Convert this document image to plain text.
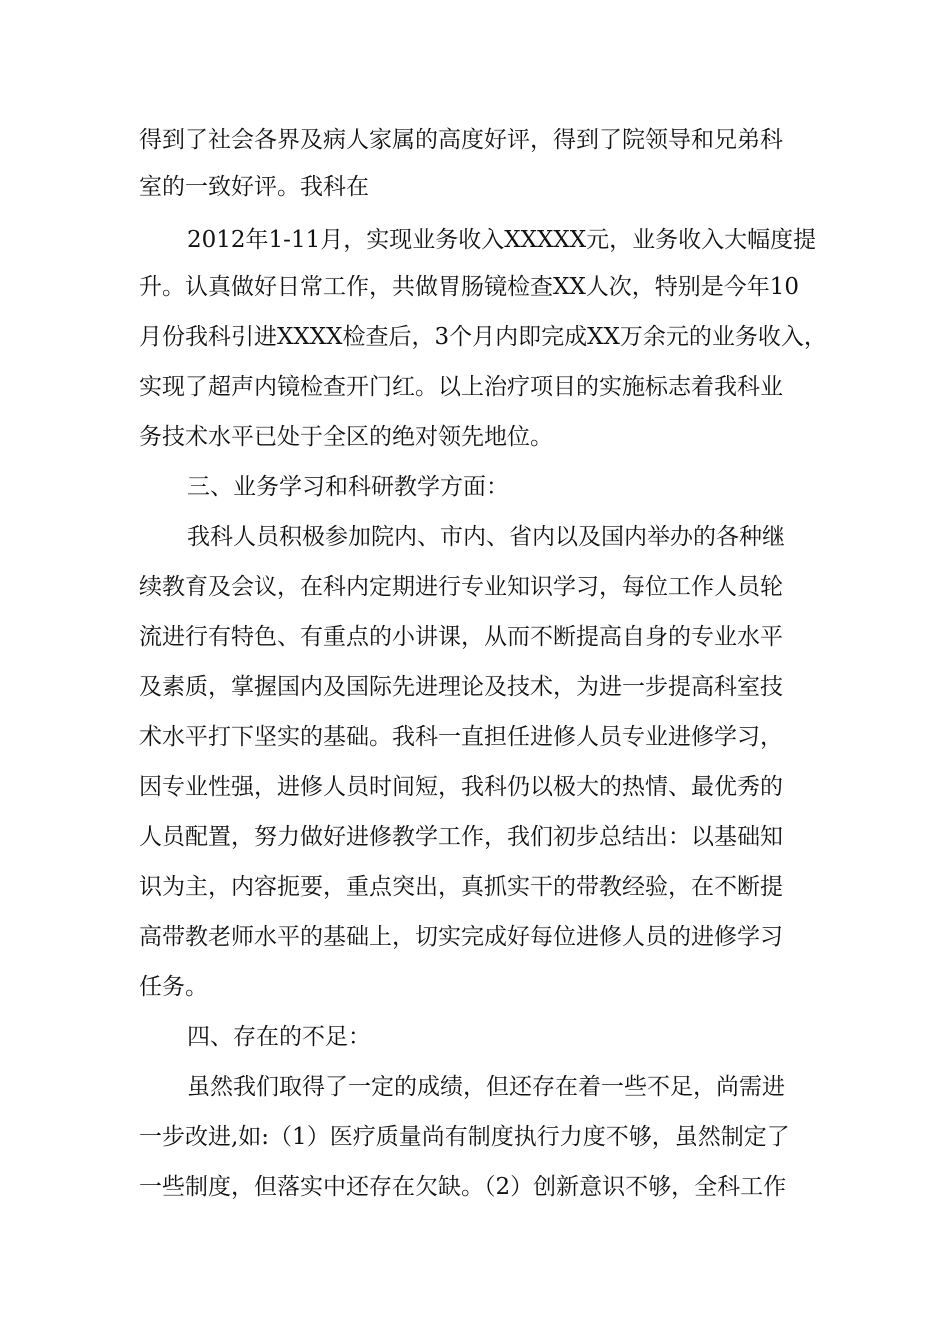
得到了社会各界及病人家属的高度好评，得到了院领导和兄弟科
室的一致好评。我科在
2012年1-11月，实现业务收入XXXXX元，业务收入大幅度提
升。认真做好日常工作，共做胃肠镜检查XX人次，特别是今年10
月份我科引进XXXX检查后，3个月内即完成XX万余元的业务收入，
实现了超声内镜检查开门红。以上治疗项目的实施标志着我科业
务技术水平已处于全区的绝对领先地位。
三、业务学习和科研教学方面：
我科人员积极参加院内、市内、省内以及国内举办的各种继
续教育及会议，在科内定期进行专业知识学习，每位工作人员轮
流进行有特色、有重点的小讲课，从而不断提高自身的专业水平
及素质，掌握国内及国际先进理论及技术，为进一步提高科室技
术水平打下坚实的基础。我科一直担任进修人员专业进修学习，
因专业性强，进修人员时间短，我科仍以极大的热情、最优秀的
人员配置，努力做好进修教学工作，我们初步总结出：以基础知
识为主，内容扼要，重点突出，真抓实干的带教经验，在不断提
高带教老师水平的基础上，切实完成好每位进修人员的进修学习
任务。
四、存在的不足：
虽然我们取得了一定的成绩，但还存在着一些不足，尚需进
一步改进,如:（1）医疗质量尚有制度执行力度不够，虽然制定了
一些制度，但落实中还存在欠缺。（2）创新意识不够，全科工作
